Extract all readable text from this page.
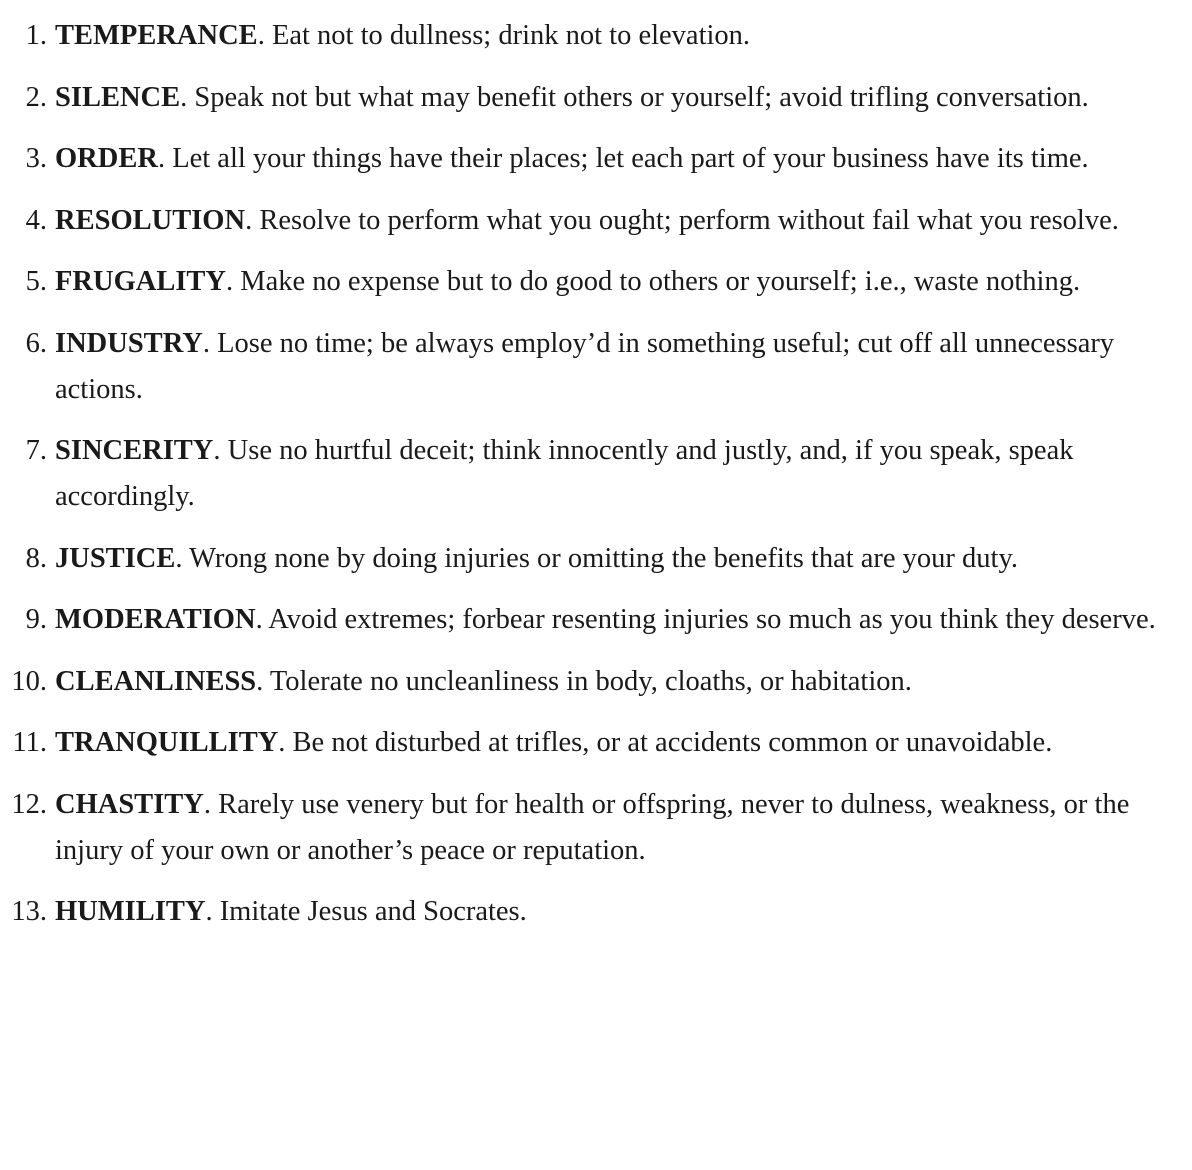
1. TEMPERANCE. Eat not to dullness; drink not to elevation.
2. SILENCE. Speak not but what may benefit others or yourself; avoid trifling conversation.
3. ORDER. Let all your things have their places; let each part of your business have its time.
4. RESOLUTION. Resolve to perform what you ought; perform without fail what you resolve.
5. FRUGALITY. Make no expense but to do good to others or yourself; i.e., waste nothing.
6. INDUSTRY. Lose no time; be always employ’d in something useful; cut off all unnecessary actions.
7. SINCERITY. Use no hurtful deceit; think innocently and justly, and, if you speak, speak accordingly.
8. JUSTICE. Wrong none by doing injuries or omitting the benefits that are your duty.
9. MODERATION. Avoid extremes; forbear resenting injuries so much as you think they deserve.
10. CLEANLINESS. Tolerate no uncleanliness in body, cloaths, or habitation.
11. TRANQUILLITY. Be not disturbed at trifles, or at accidents common or unavoidable.
12. CHASTITY. Rarely use venery but for health or offspring, never to dulness, weakness, or the injury of your own or another’s peace or reputation.
13. HUMILITY. Imitate Jesus and Socrates.
